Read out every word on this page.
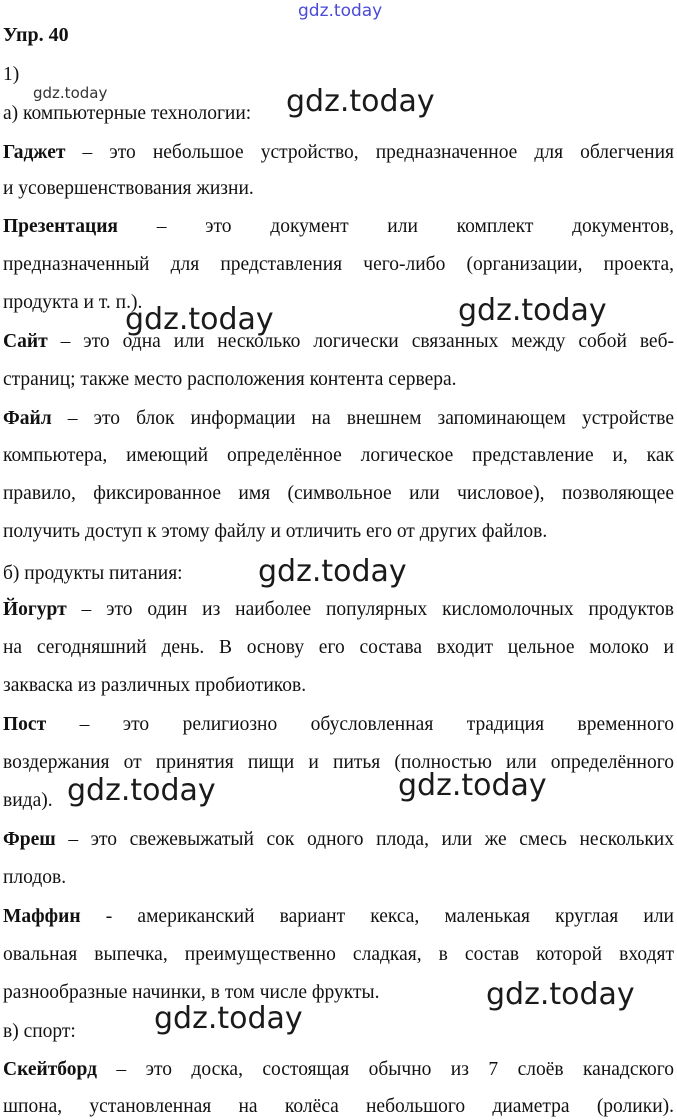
gdz.today
gdz.today	gdz.today
gdz.today
gdz.today
gdz.today
gdz.today
gdz.today
gdz.today
gdz.today
Упр. 40
1)
а) компьютерные технологии:
Гаджет – это небольшое устройство, предназначенное для облегчения
и усовершенствования жизни.
Презентация – это документ или комплект документов,
предназначенный для представления чего-либо (организации, проекта,
продукта и т. п.).
Сайт – это одна или несколько логически связанных между собой веб-
страниц; также место расположения контента сервера.
Файл – это блок информации на внешнем запоминающем устройстве
компьютера, имеющий определённое логическое представление и, как
правило, фиксированное имя (символьное или числовое), позволяющее
получить доступ к этому файлу и отличить его от других файлов.
б) продукты питания:
Йогурт – это один из наиболее популярных кисломолочных продуктов
на сегодняшний день. В основу его состава входит цельное молоко и
закваска из различных пробиотиков.
Пост – это религиозно обусловленная традиция временного
воздержания от принятия пищи и питья (полностью или определённого
вида).
Фреш – это свежевыжатый сок одного плода, или же смесь нескольких
плодов.
Маффин - американский вариант кекса, маленькая круглая или
овальная выпечка, преимущественно сладкая, в состав которой входят
разнообразные начинки, в том числе фрукты.
в) спорт:
Скейтборд – это доска, состоящая обычно из 7 слоёв канадского
шпона, установленная на колёса небольшого диаметра (ролики).
